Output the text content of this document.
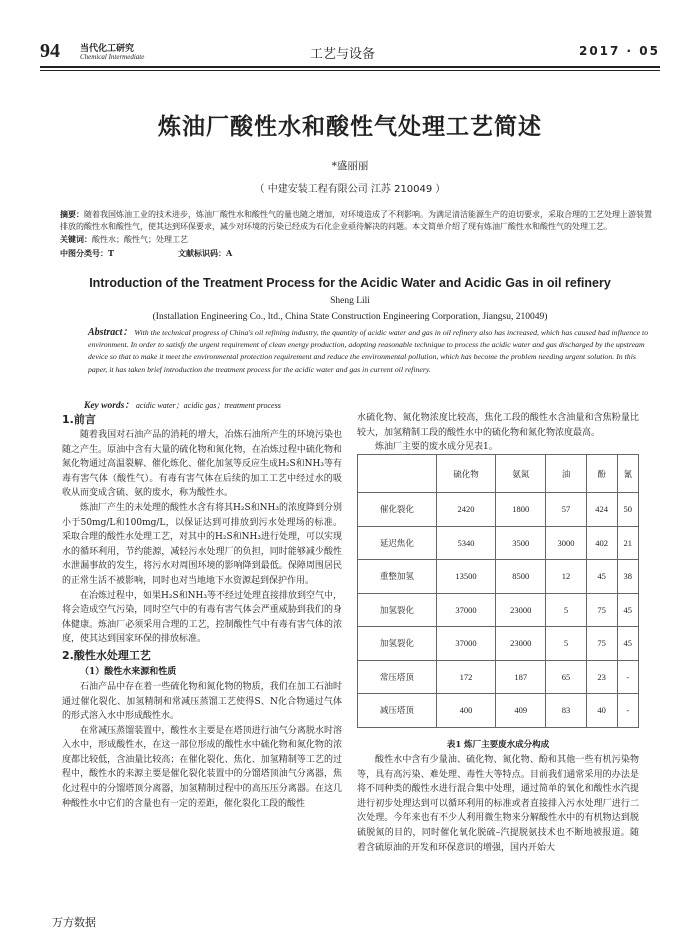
94 当代化工研究
Chemical Intermediate	工艺与设备	2017 · 05
炼油厂酸性水和酸性气处理工艺简述
*盛丽丽
（ 中建安装工程有限公司 江苏 210049 ）
摘要：随着我国炼油工业的技术进步，炼油厂酸性水和酸性气的量也随之增加，对环境造成了不利影响。为满足清洁能源生产的迫切要求，采取合理的工艺处理上游装置排放的酸性水和酸性气，使其达到环保要求，减少对环境的污染已经成为石化企业亟待解决的问题。本文简单介绍了现有炼油厂酸性水和酸性气的处理工艺。
关键词：酸性水；酸性气；处理工艺
中图分类号：T	文献标识码：A
Introduction of the Treatment Process for the Acidic Water and Acidic Gas in oil refinery
Sheng Lili
(Installation Engineering Co., ltd., China State Construction Engineering Corporation, Jiangsu, 210049)
Abstract： With the technical progress of China's oil refining industry, the quantity of acidic water and gas in oil refinery also has increased, which has caused bad influence to environment. In order to satisfy the urgent requirement of clean energy production, adopting reasonable technique to process the acidic water and gas discharged by the upstream device so that to make it meet the environmental protection requirement and reduce the environmental pollution, which has become the problem needing urgent solution. In this paper, it has taken brief introduction the treatment process for the acidic water and gas in current oil refinery.
Key words： acidic water；acidic gas；treatment process
1.前言
随着我国对石油产品的消耗的增大，冶炼石油所产生的环境污染也随之产生。原油中含有大量的硫化物和氮化物，在冶炼过程中硫化物和氮化物通过高温裂解、催化炼化、催化加氢等反应生成H₂S和NH₃等有毒有害气体（酸性气）。有毒有害气体在后续的加工工艺中经过水的吸收从而变成含硫、氨的废水，称为酸性水。
炼油厂产生的未处理的酸性水含有将其H₂S和NH₃的浓度降到分别小于50mg/L和100mg/L，以保证达到可排放到污水处理场的标准。采取合理的酸性水处理工艺，对其中的H₂S和NH₃进行处理，可以实现水的循环利用，节约能源，减轻污水处理厂的负担，同时能够减少酸性水泄漏事故的发生，将污水对周围环境的影响降到最低。保障周围居民的正常生活不被影响，同时也对当地地下水资源起到保护作用。
在冶炼过程中，如果H₂S和NH₃等不经过处理直接排放到空气中，将会造成空气污染，同时空气中的有毒有害气体会严重威胁到我们的身体健康。炼油厂必须采用合理的工艺，控制酸性气中有毒有害气体的浓度，使其达到国家环保的排放标准。
2.酸性水处理工艺
（1）酸性水来源和性质
石油产品中存在着一些硫化物和氮化物的物质，我们在加工石油时通过催化裂化、加氢精制和常减压蒸馏工艺使得S、N化合物通过气体的形式溶入水中形成酸性水。
在常减压蒸馏装置中，酸性水主要是在塔顶进行油气分离脱水时溶入水中，形成酸性水，在这一部位形成的酸性水中硫化物和氮化物的浓度都比较低，含油量比较高；在催化裂化、焦化、加氢精制等工艺的过程中，酸性水的来源主要是催化裂化装置中的分馏塔顶油气分离器，焦化过程中的分馏塔顶分离器，加氢精制过程中的高压压分离器。在这几种酸性水中它们的含量也有一定的差距，催化裂化工段的酸性
水硫化物、氮化物浓度比较高，焦化工段的酸性水含油量和含焦粉量比较大，加氢精制工段的酸性水中的硫化物和氮化物浓度最高。
炼油厂主要的废水成分见表1。
	硫化物	氨氮	油	酚	氰
催化裂化	2420	1800	57	424	50
延迟焦化	5340	3500	3000	402	21
重整加氢	13500	8500	12	45	38
加氢裂化	37000	23000	5	75	45
加氢裂化	37000	23000	5	75	45
常压塔顶	172	187	65	23	-
减压塔顶	400	409	83	40	-
表1 炼厂主要废水成分构成
酸性水中含有少量油、硫化物、氮化物、酚和其他一些有机污染物等，具有高污染、难处理、毒性大等特点。目前我们通常采用的办法是将不同种类的酸性水进行混合集中处理，通过简单的氧化和酸性水汽提进行初步处理达到可以循环利用的标准或者直接排入污水处理厂进行二次处理。今年来也有不少人利用微生物来分解酸性水中的有机物达到脱硫脱氮的目的，同时催化氧化脱硫–汽提脱氨技术也不断地被报道。随着含硫原油的开发和环保意识的增强，国内开始大
万方数据
